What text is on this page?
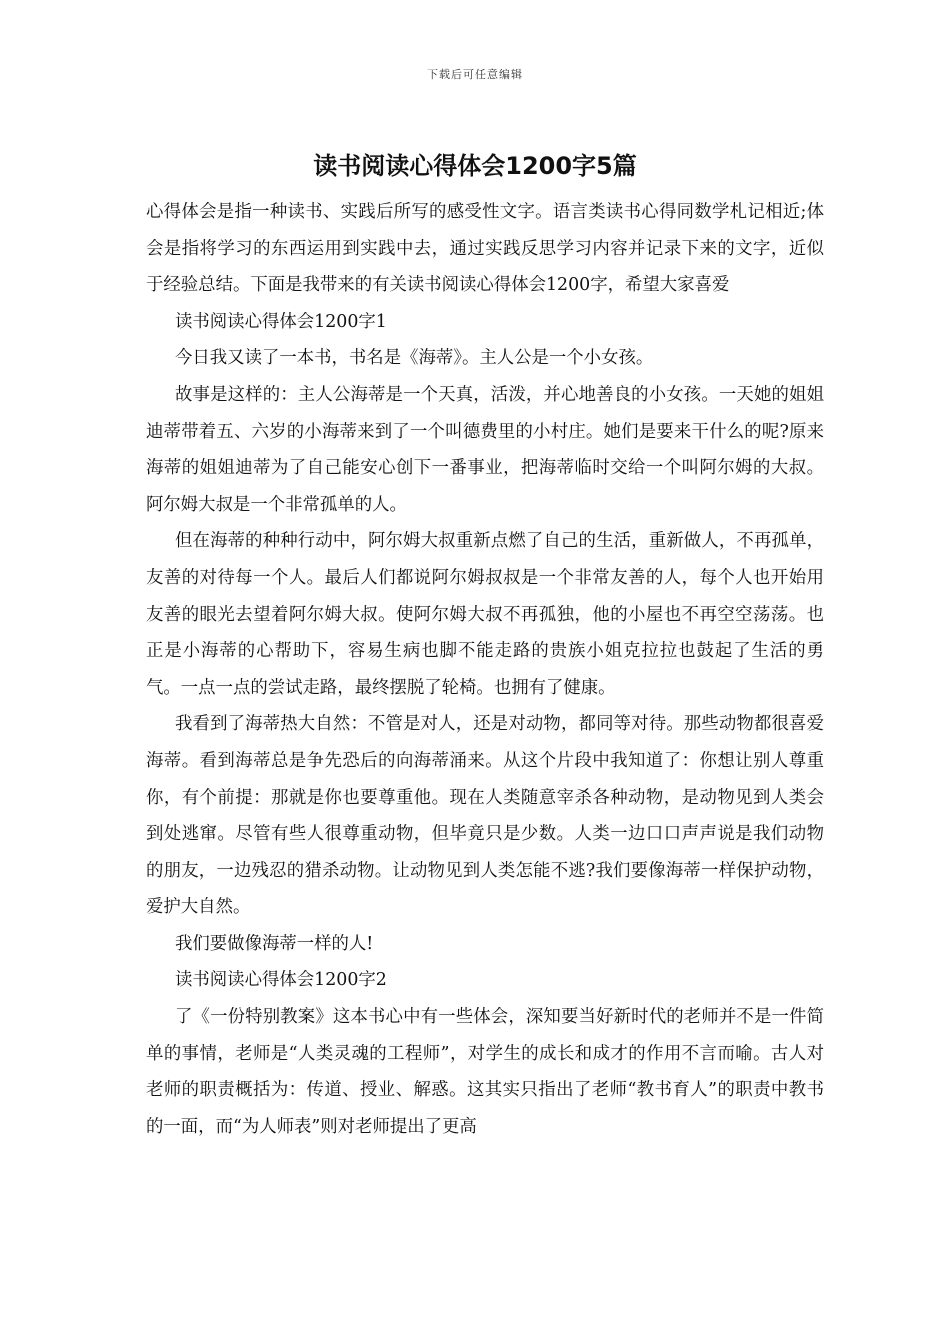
下载后可任意编辑
读书阅读心得体会1200字5篇

心得体会是指一种读书、实践后所写的感受性文字。语言类读书心得同数学札记相近;体会是指将学习的东西运用到实践中去，通过实践反思学习内容并记录下来的文字，近似于经验总结。下面是我带来的有关读书阅读心得体会1200字，希望大家喜爱

读书阅读心得体会1200字1

今日我又读了一本书，书名是《海蒂》。主人公是一个小女孩。

故事是这样的：主人公海蒂是一个天真，活泼，并心地善良的小女孩。一天她的姐姐迪蒂带着五、六岁的小海蒂来到了一个叫德费里的小村庄。她们是要来干什么的呢?原来海蒂的姐姐迪蒂为了自己能安心创下一番事业，把海蒂临时交给一个叫阿尔姆的大叔。阿尔姆大叔是一个非常孤单的人。

但在海蒂的种种行动中，阿尔姆大叔重新点燃了自己的生活，重新做人，不再孤单，友善的对待每一个人。最后人们都说阿尔姆叔叔是一个非常友善的人，每个人也开始用友善的眼光去望着阿尔姆大叔。使阿尔姆大叔不再孤独，他的小屋也不再空空荡荡。也正是小海蒂的心帮助下，容易生病也脚不能走路的贵族小姐克拉拉也鼓起了生活的勇气。一点一点的尝试走路，最终摆脱了轮椅。也拥有了健康。

我看到了海蒂热大自然：不管是对人，还是对动物，都同等对待。那些动物都很喜爱海蒂。看到海蒂总是争先恐后的向海蒂涌来。从这个片段中我知道了：你想让别人尊重你，有个前提：那就是你也要尊重他。现在人类随意宰杀各种动物，是动物见到人类会到处逃窜。尽管有些人很尊重动物，但毕竟只是少数。人类一边口口声声说是我们动物的朋友，一边残忍的猎杀动物。让动物见到人类怎能不逃?我们要像海蒂一样保护动物，爱护大自然。

我们要做像海蒂一样的人!

读书阅读心得体会1200字2

了《一份特别教案》这本书心中有一些体会，深知要当好新时代的老师并不是一件简单的事情，老师是“人类灵魂的工程师”，对学生的成长和成才的作用不言而喻。古人对老师的职责概括为：传道、授业、解惑。这其实只指出了老师“教书育人”的职责中教书的一面，而“为人师表”则对老师提出了更高
